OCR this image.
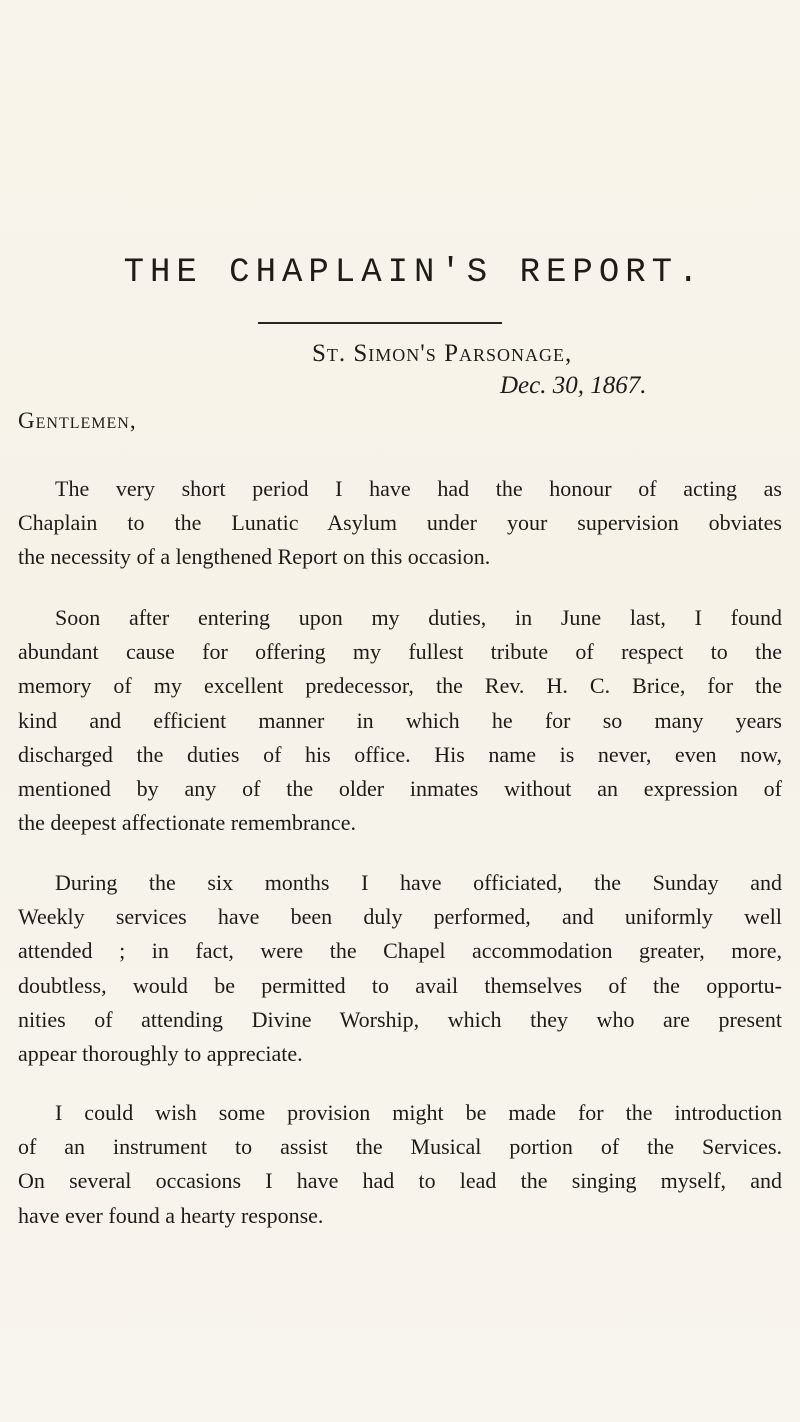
THE CHAPLAIN'S REPORT.
St. Simon's Parsonage,
Dec. 30, 1867.
Gentlemen,

The very short period I have had the honour of acting as
Chaplain to the Lunatic Asylum under your supervision obviates
the necessity of a lengthened Report on this occasion.

Soon after entering upon my duties, in June last, I found
abundant cause for offering my fullest tribute of respect to the
memory of my excellent predecessor, the Rev. H. C. Brice, for the
kind and efficient manner in which he for so many years
discharged the duties of his office. His name is never, even now,
mentioned by any of the older inmates without an expression of
the deepest affectionate remembrance.

During the six months I have officiated, the Sunday and
Weekly services have been duly performed, and uniformly well
attended ; in fact, were the Chapel accommodation greater, more,
doubtless, would be permitted to avail themselves of the opportu-
nities of attending Divine Worship, which they who are present
appear thoroughly to appreciate.

I could wish some provision might be made for the introduction
of an instrument to assist the Musical portion of the Services.
On several occasions I have had to lead the singing myself, and
have ever found a hearty response.
